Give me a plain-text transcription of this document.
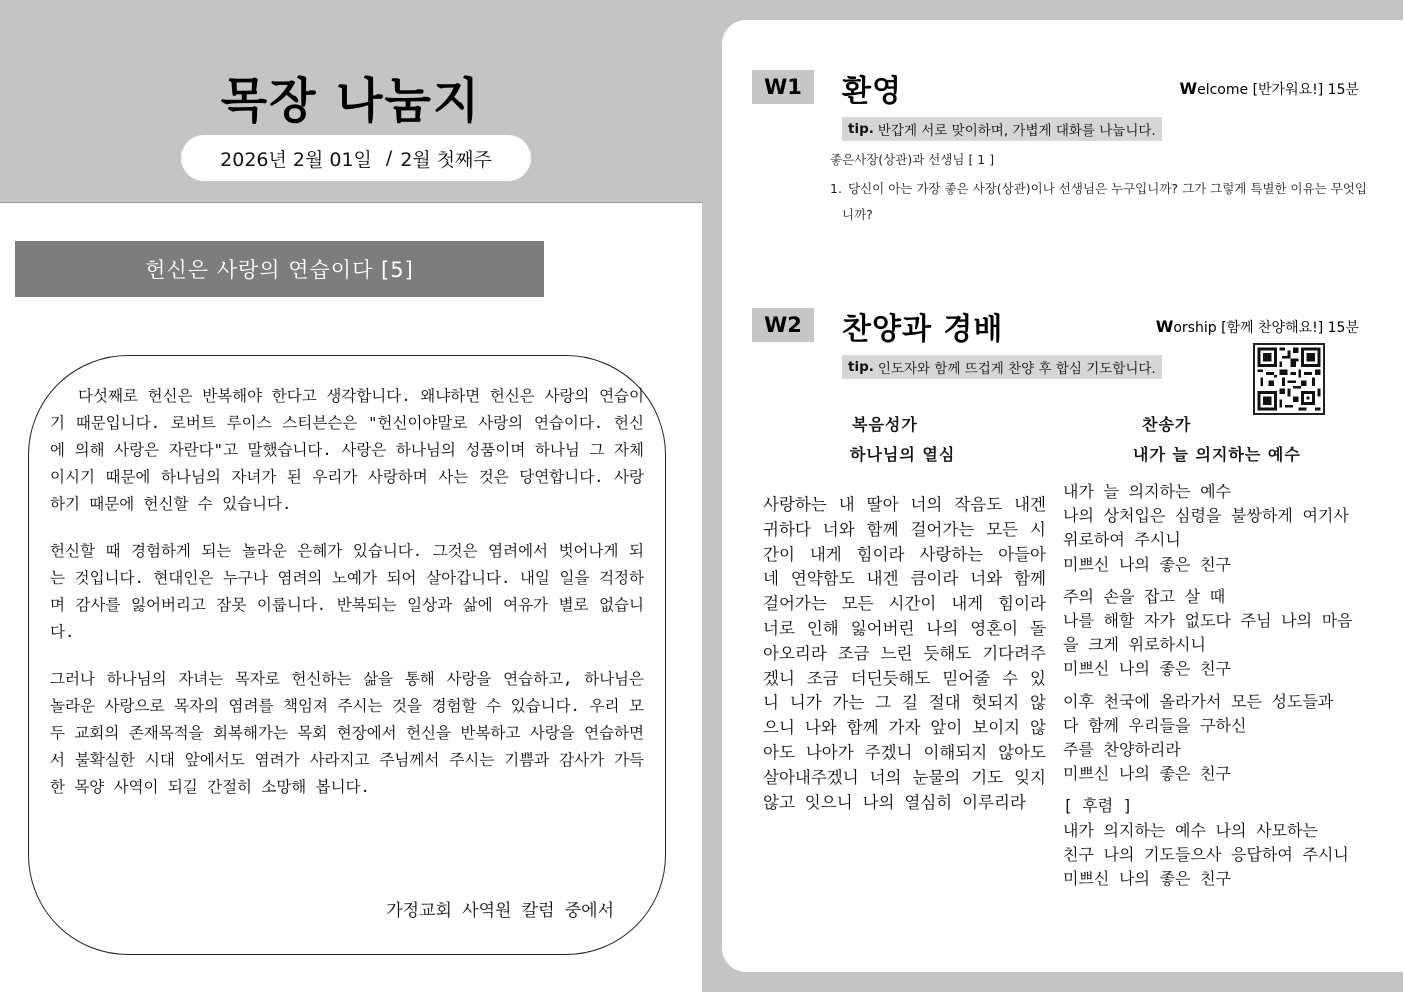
목장 나눔지
2026년 2월 01일 / 2월 첫째주
헌신은 사랑의 연습이다 [5]

다섯째로 헌신은 반복해야 한다고 생각합니다. 왜냐하면 헌신은 사랑의 연습이기 때문입니다. 로버트 루이스 스티븐슨은 "헌신이야말로 사랑의 연습이다. 헌신에 의해 사랑은 자란다"고 말했습니다. 사랑은 하나님의 성품이며 하나님 그 자체이시기 때문에 하나님의 자녀가 된 우리가 사랑하며 사는 것은 당연합니다. 사랑하기 때문에 헌신할 수 있습니다.

헌신할 때 경험하게 되는 놀라운 은혜가 있습니다. 그것은 염려에서 벗어나게 되는 것입니다. 현대인은 누구나 염려의 노예가 되어 살아갑니다. 내일 일을 걱정하며 감사를 잃어버리고 잠못 이룹니다. 반복되는 일상과 삶에 여유가 별로 없습니다.

그러나 하나님의 자녀는 목자로 헌신하는 삶을 통해 사랑을 연습하고, 하나님은 놀라운 사랑으로 목자의 염려를 책임져 주시는 것을 경험할 수 있습니다. 우리 모두 교회의 존재목적을 회복해가는 목회 현장에서 헌신을 반복하고 사랑을 연습하면서 불확실한 시대 앞에서도 염려가 사라지고 주님께서 주시는 기쁨과 감사가 가득한 목양 사역이 되길 간절히 소망해 봅니다.

가정교회 사역원 칼럼 중에서
W1	환영	Welcome [반가워요!] 15분
tip. 반갑게 서로 맞이하며, 가볍게 대화를 나눕니다.
좋은사장(상관)과 선생님 [ 1 ]
1. 당신이 아는 가장 좋은 사장(상관)이나 선생님은 누구입니까? 그가 그렇게 특별한 이유는 무엇입
니까?
W2	찬양과 경배	Worship [함께 찬양해요!] 15분
tip. 인도자와 함께 뜨겁게 찬양 후 합심 기도합니다.
복음성가
하나님의 열심
찬송가
내가 늘 의지하는 예수
사랑하는 내 딸아 너의 작음도 내겐 귀하다 너와 함께 걸어가는 모든 시간이 내게 힘이라 사랑하는 아들아 네 연약함도 내겐 큼이라 너와 함께 걸어가는 모든 시간이 내게 힘이라 너로 인해 잃어버린 나의 영혼이 돌아오리라 조금 느린 듯해도 기다려주겠니 조금 더딘듯해도 믿어줄 수 있니 니가 가는 그 길 절대 헛되지 않으니 나와 함께 가자 앞이 보이지 않아도 나아가 주겠니 이해되지 않아도 살아내주겠니 너의 눈물의 기도 잊지 않고 잇으니 나의 열심히 이루리라
내가 늘 의지하는 예수
나의 상처입은 심령을 불쌍하게 여기사
위로하여 주시니
미쁘신 나의 좋은 친구
주의 손을 잡고 살 때
나를 해할 자가 없도다 주님 나의 마음
을 크게 위로하시니
미쁘신 나의 좋은 친구
이후 천국에 올라가서 모든 성도들과
다 함께 우리들을 구하신
주를 찬양하리라
미쁘신 나의 좋은 친구
[ 후렴 ]
내가 의지하는 예수 나의 사모하는
친구 나의 기도들으사 응답하여 주시니
미쁘신 나의 좋은 친구
